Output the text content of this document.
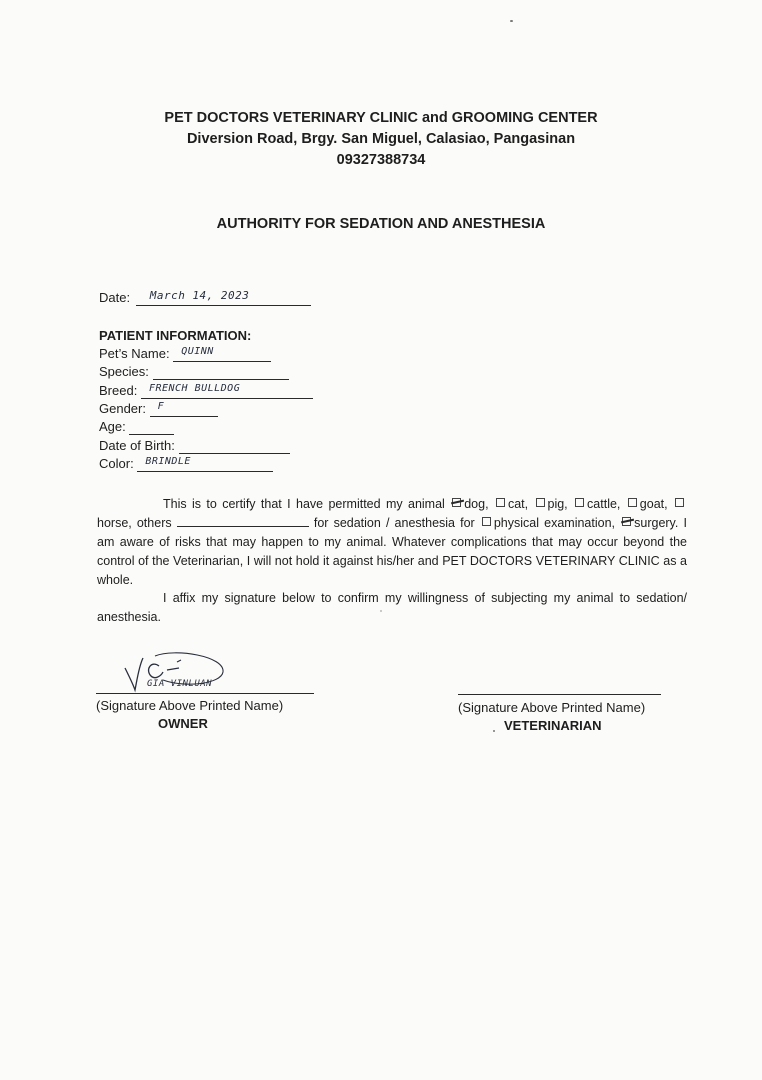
PET DOCTORS VETERINARY CLINIC and GROOMING CENTER
Diversion Road, Brgy. San Miguel, Calasiao, Pangasinan
09327388734
AUTHORITY FOR SEDATION AND ANESTHESIA
Date: March 14, 2023
PATIENT INFORMATION:
Pet’s Name: QUINN
Species:
Breed: FRENCH BULLDOG
Gender: F
Age:
Date of Birth:
Color: BRINDLE
This is to certify that I have permitted my animal dog, cat, pig, cattle, goat, horse, others	for sedation / anesthesia for physical examination, surgery. I am aware of risks that may happen to my animal. Whatever complications that may occur beyond the control of the Veterinarian, I will not hold it against his/her and PET DOCTORS VETERINARY CLINIC as a whole.
I affix my signature below to confirm my willingness of subjecting my animal to sedation/ anesthesia.
GIA VINLUAN
(Signature Above Printed Name)
OWNER
(Signature Above Printed Name)
VETERINARIAN
